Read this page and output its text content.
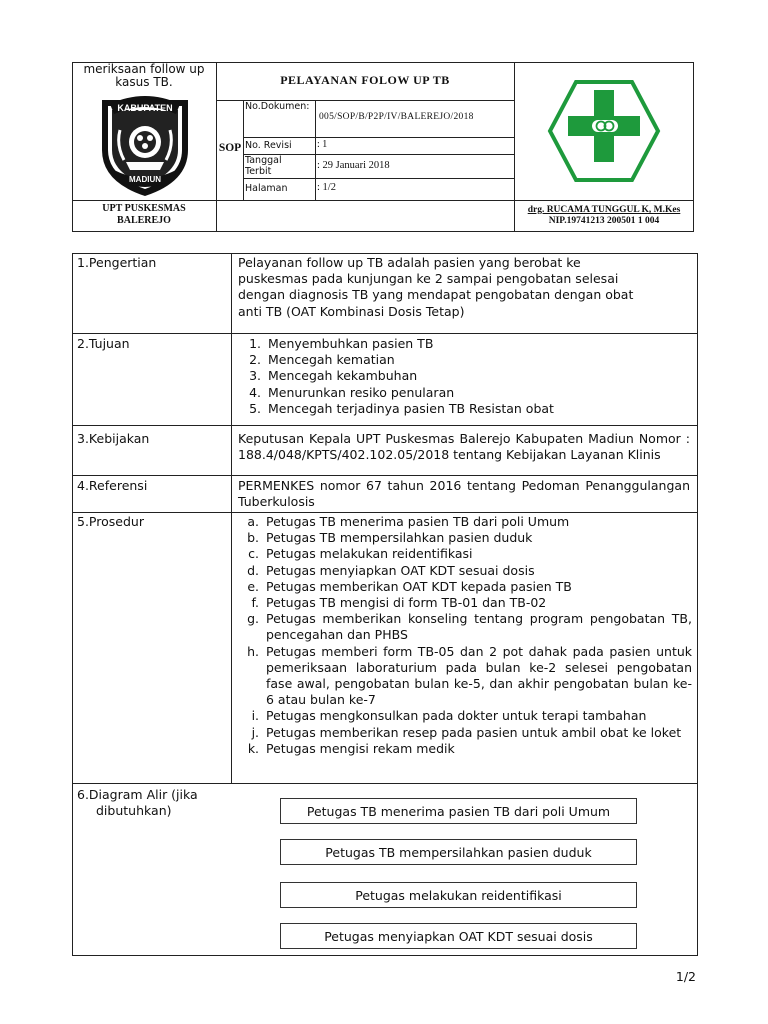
meriksaan follow up kasus TB.
KABUPATEN
MADIUN
PELAYANAN FOLOW UP TB
SOP
No.Dokumen:
005/SOP/B/P2P/IV/BALEREJO/2018
No. Revisi	: 1
Tanggal Terbit
: 29 Januari 2018
Halaman	: 1/2
UPT PUSKESMAS
BALEREJO
drg. RUCAMA TUNGGUL K, M.Kes
NIP.19741213 200501 1 004
1.Pengertian	Pelayanan follow up TB adalah pasien yang berobat ke
puskesmas pada kunjungan ke 2 sampai pengobatan selesai
dengan diagnosis TB yang mendapat pengobatan dengan obat
anti TB (OAT Kombinasi Dosis Tetap)
2.Tujuan	1. Menyembuhkan pasien TB
2. Mencegah kematian
3. Mencegah kekambuhan
4. Menurunkan resiko penularan
5. Mencegah terjadinya pasien TB Resistan obat
3.Kebijakan	Keputusan Kepala UPT Puskesmas Balerejo Kabupaten Madiun Nomor : 188.4/048/KPTS/402.102.05/2018 tentang Kebijakan Layanan Klinis
4.Referensi	PERMENKES nomor 67 tahun 2016 tentang Pedoman Penanggulangan Tuberkulosis
5.Prosedur	a. Petugas TB menerima pasien TB dari poli Umum
b. Petugas TB mempersilahkan pasien duduk
c. Petugas melakukan reidentifikasi
d. Petugas menyiapkan OAT KDT sesuai dosis
e. Petugas memberikan OAT KDT kepada pasien TB
f. Petugas TB mengisi di form TB-01 dan TB-02
g. Petugas memberikan konseling tentang program pengobatan TB, pencegahan dan PHBS
h. Petugas memberi form TB-05 dan 2 pot dahak pada pasien untuk pemeriksaan laboraturium pada bulan ke-2 selesei pengobatan fase awal, pengobatan bulan ke-5, dan akhir pengobatan bulan ke-6 atau bulan ke-7
i. Petugas mengkonsulkan pada dokter untuk terapi tambahan
j. Petugas memberikan resep pada pasien untuk ambil obat ke loket
k. Petugas mengisi rekam medik
6.Diagram Alir (jika
dibutuhkan)	Petugas TB menerima pasien TB dari poli Umum
Petugas TB mempersilahkan pasien duduk
Petugas melakukan reidentifikasi
Petugas menyiapkan OAT KDT sesuai dosis
1/2
